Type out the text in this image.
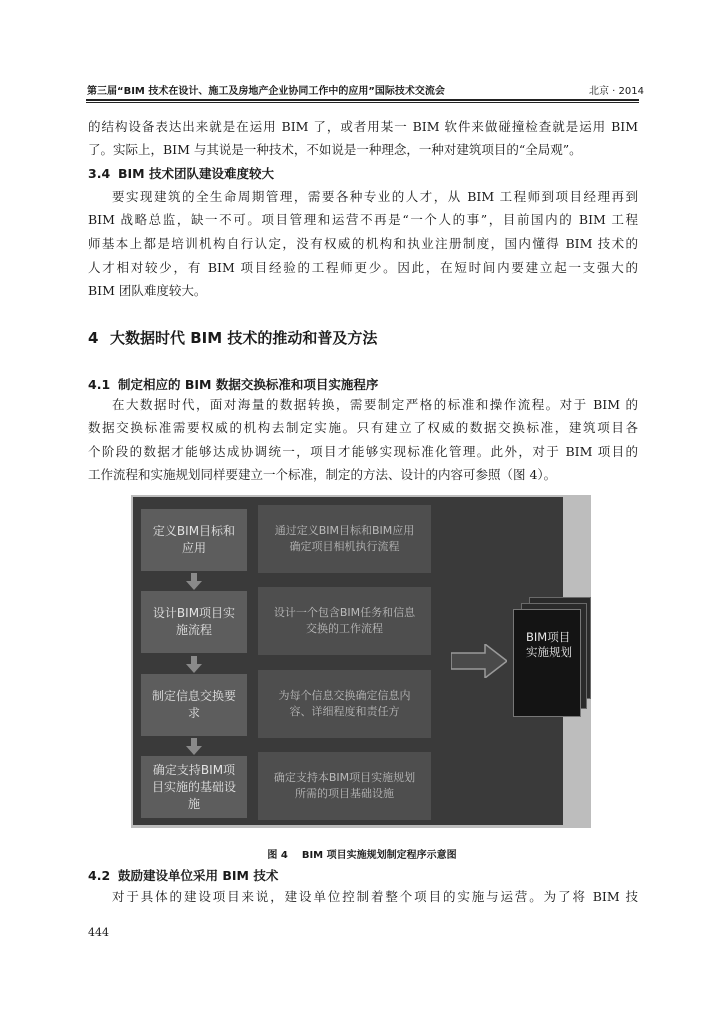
第三届“BIM 技术在设计、施工及房地产企业协同工作中的应用”国际技术交流会	北京 · 2014
的结构设备表达出来就是在运用 BIM 了，或者用某一 BIM 软件来做碰撞检查就是运用 BIM
了。实际上，BIM 与其说是一种技术，不如说是一种理念，一种对建筑项目的“全局观”。
3.4 BIM 技术团队建设难度较大
要实现建筑的全生命周期管理，需要各种专业的人才，从 BIM 工程师到项目经理再到
BIM 战略总监，缺一不可。项目管理和运营不再是“一个人的事”，目前国内的 BIM 工程
师基本上都是培训机构自行认定，没有权威的机构和执业注册制度，国内懂得 BIM 技术的
人才相对较少，有 BIM 项目经验的工程师更少。因此，在短时间内要建立起一支强大的
BIM 团队难度较大。
4 大数据时代 BIM 技术的推动和普及方法
4.1 制定相应的 BIM 数据交换标准和项目实施程序
在大数据时代，面对海量的数据转换，需要制定严格的标准和操作流程。对于 BIM 的
数据交换标准需要权威的机构去制定实施。只有建立了权威的数据交换标准，建筑项目各
个阶段的数据才能够达成协调统一，项目才能够实现标准化管理。此外，对于 BIM 项目的
工作流程和实施规划同样要建立一个标准，制定的方法、设计的内容可参照（图 4）。
定义BIM目标和应用
通过定义BIM目标和BIM应用确定项目相机执行流程
设计BIM项目实施流程
设计一个包含BIM任务和信息交换的工作流程
制定信息交换要求
为每个信息交换确定信息内容、详细程度和责任方
确定支持BIM项目实施的基础设施
确定支持本BIM项目实施规划所需的项目基础设施
BIM项目实施规划
图 4 BIM 项目实施规划制定程序示意图
4.2 鼓励建设单位采用 BIM 技术
对于具体的建设项目来说，建设单位控制着整个项目的实施与运营。为了将 BIM 技
444
